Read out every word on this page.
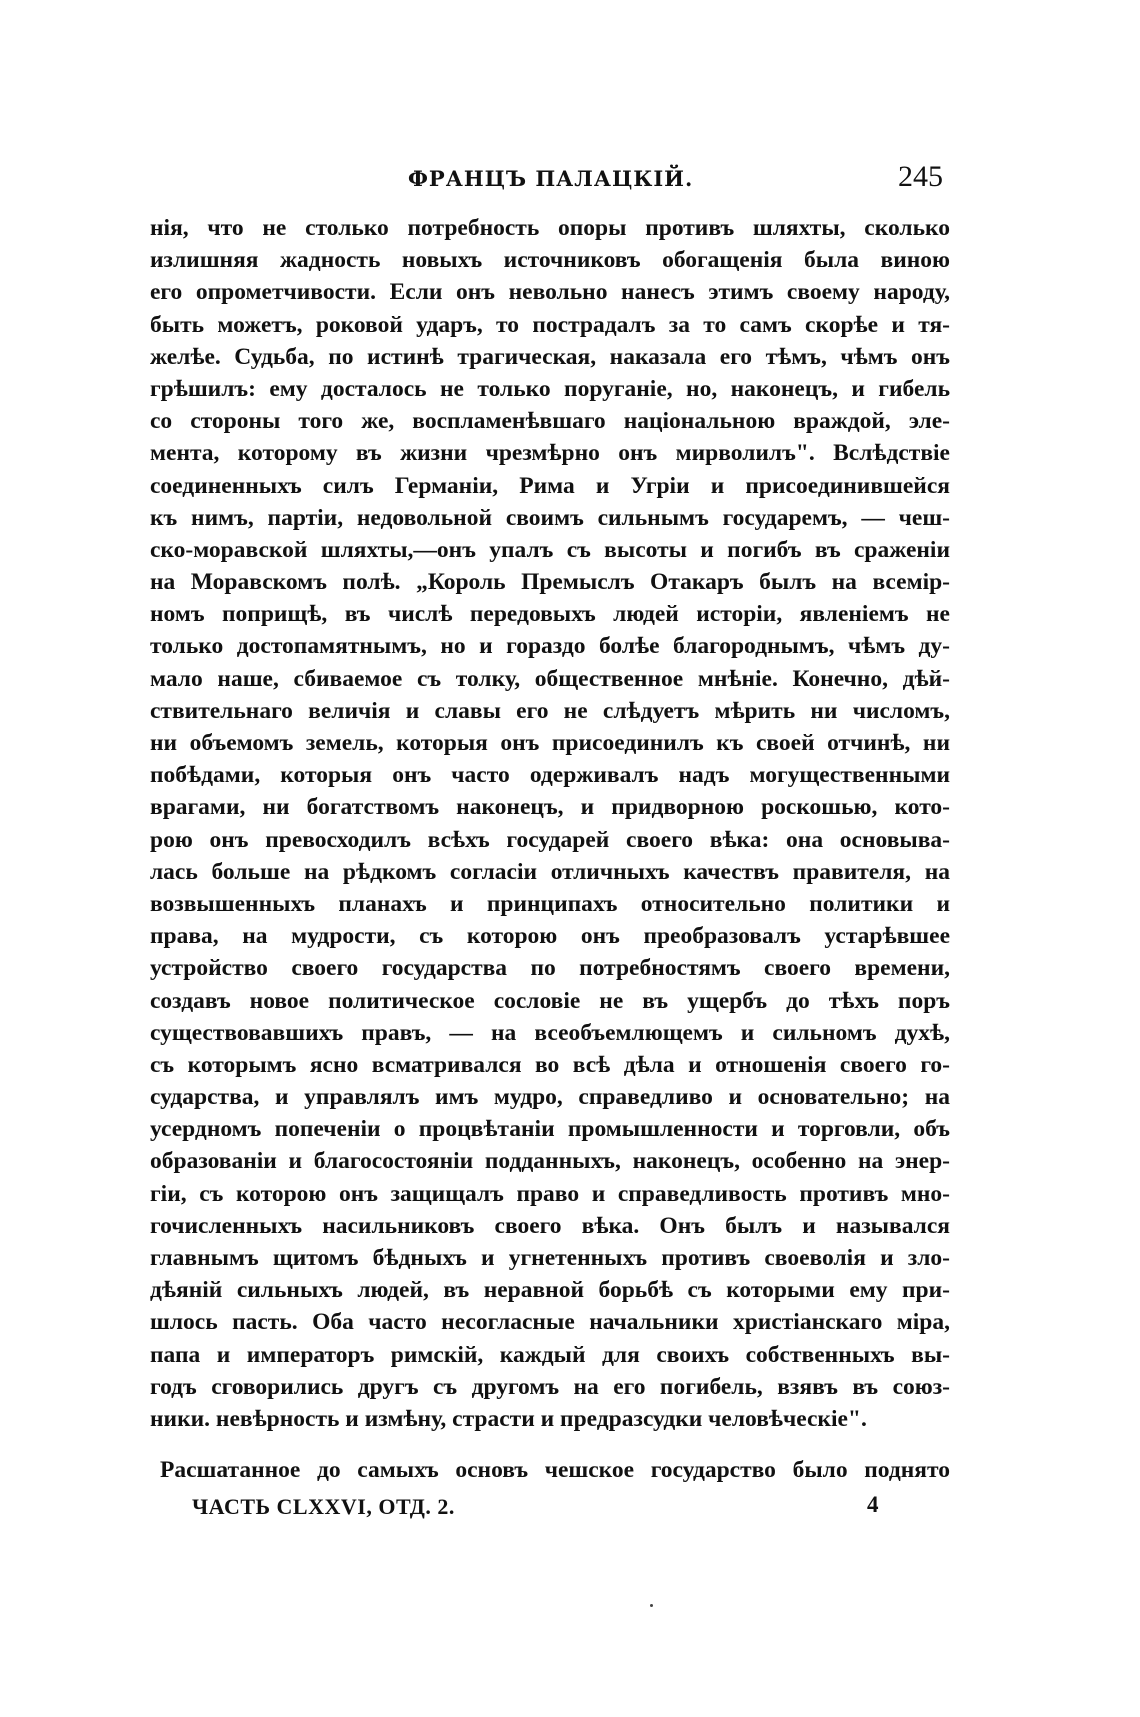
ФРАНЦЪ ПАЛАЦКІЙ.	245
нія, что не столько потребность опоры противъ шляхты, сколько
излишняя жадность новыхъ источниковъ обогащенія была виною
его опрометчивости. Если онъ невольно нанесъ этимъ своему народу,
быть можетъ, роковой ударъ, то пострадалъ за то самъ скорѣе и тя-
желѣе. Судьба, по истинѣ трагическая, наказала его тѣмъ, чѣмъ онъ
грѣшилъ: ему досталось не только поруганіе, но, наконецъ, и гибель
со стороны того же, воспламенѣвшаго національною враждой, эле-
мента, которому въ жизни чрезмѣрно онъ мирволилъ". Вслѣдствіе
соединенныхъ силъ Германіи, Рима и Угріи и присоединившейся
къ нимъ, партіи, недовольной своимъ сильнымъ государемъ, — чеш-
ско-моравской шляхты,—онъ упалъ съ высоты и погибъ въ сраженіи
на Моравскомъ полѣ. „Король Премыслъ Отакаръ былъ на всемір-
номъ поприщѣ, въ числѣ передовыхъ людей исторіи, явленіемъ не
только достопамятнымъ, но и гораздо болѣе благороднымъ, чѣмъ ду-
мало наше, сбиваемое съ толку, общественное мнѣніе. Конечно, дѣй-
ствительнаго величія и славы его не слѣдуетъ мѣрить ни числомъ,
ни объемомъ земель, которыя онъ присоединилъ къ своей отчинѣ, ни
побѣдами, которыя онъ часто одерживалъ надъ могущественными
врагами, ни богатствомъ наконецъ, и придворною роскошью, кото-
рою онъ превосходилъ всѣхъ государей своего вѣка: она основыва-
лась больше на рѣдкомъ согласіи отличныхъ качествъ правителя, на
возвышенныхъ планахъ и принципахъ относительно политики и
права, на мудрости, съ которою онъ преобразовалъ устарѣвшее
устройство своего государства по потребностямъ своего времени,
создавъ новое политическое сословіе не въ ущербъ до тѣхъ поръ
существовавшихъ правъ, — на всеобъемлющемъ и сильномъ духѣ,
съ которымъ ясно всматривался во всѣ дѣла и отношенія своего го-
сударства, и управлялъ имъ мудро, справедливо и основательно; на
усердномъ попеченіи о процвѣтаніи промышленности и торговли, объ
образованіи и благосостояніи подданныхъ, наконецъ, особенно на энер-
гіи, съ которою онъ защищалъ право и справедливость противъ мно-
гочисленныхъ насильниковъ своего вѣка. Онъ былъ и назывался
главнымъ щитомъ бѣдныхъ и угнетенныхъ противъ своеволія и зло-
дѣяній сильныхъ людей, въ неравной борьбѣ съ которыми ему при-
шлось пасть. Оба часто несогласные начальники христіанскаго міра,
папа и императоръ римскій, каждый для своихъ собственныхъ вы-
годъ сговорились другъ съ другомъ на его погибель, взявъ въ союз-
ники. невѣрность и измѣну, страсти и предразсудки человѣческіе".
Расшатанное до самыхъ основъ чешское государство было поднято
ЧАСТЬ CLXXVI, ОТД. 2.	4
